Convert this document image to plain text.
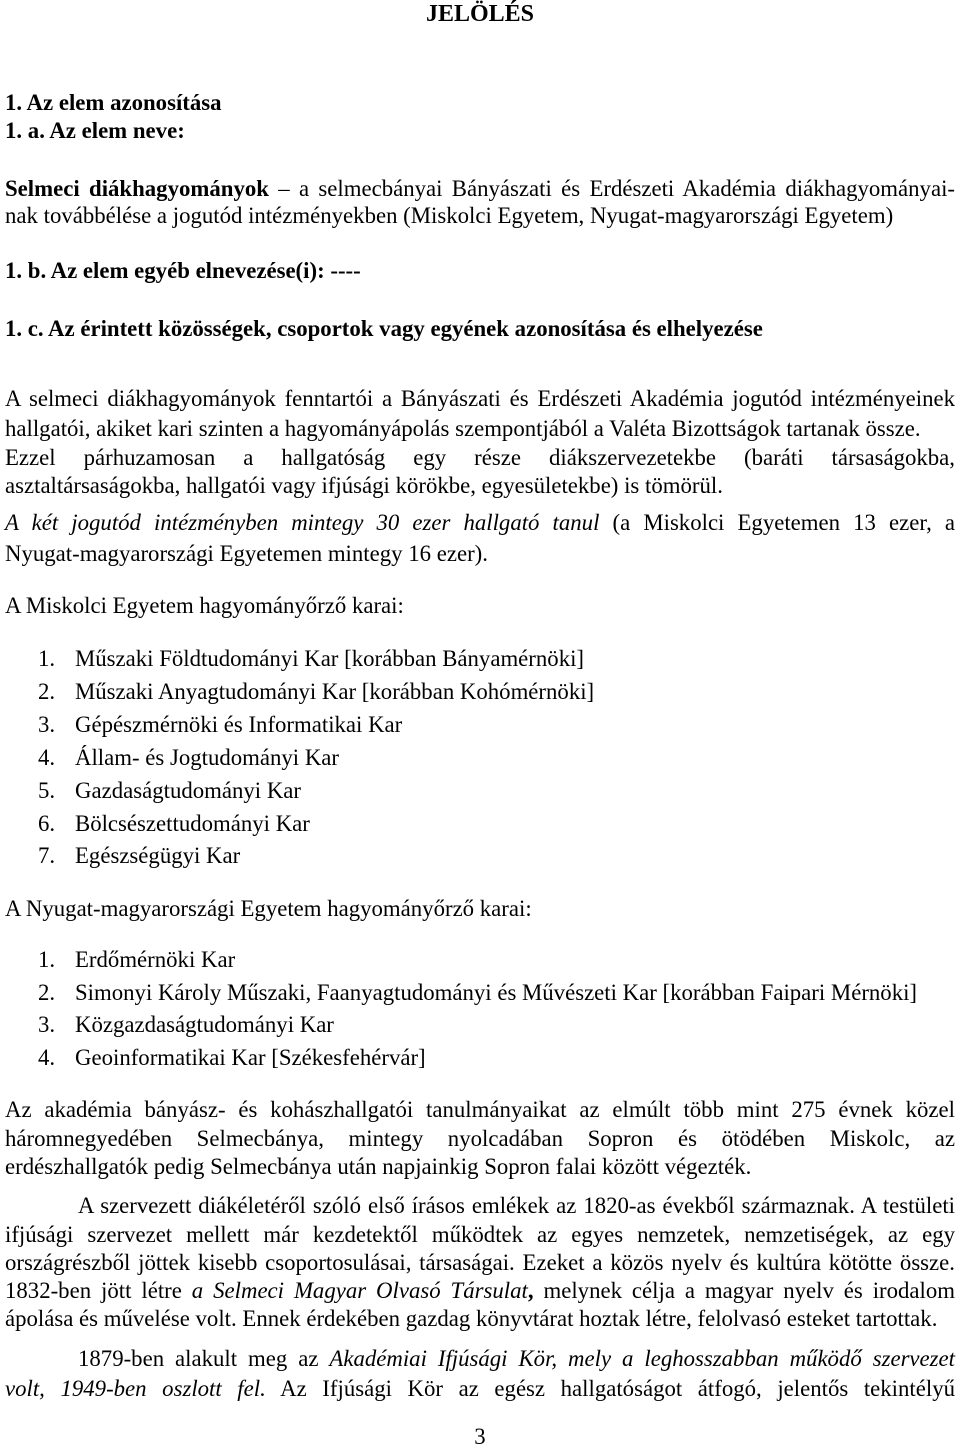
JELÖLÉS
1. Az elem azonosítása
1. a. Az elem neve:
Selmeci diákhagyományok – a selmecbányai Bányászati és Erdészeti Akadémia diákhagyományai-
nak továbbélése a jogutód intézményekben (Miskolci Egyetem, Nyugat-magyarországi Egyetem)
1. b. Az elem egyéb elnevezése(i): ----
1. c. Az érintett közösségek, csoportok vagy egyének azonosítása és elhelyezése
A selmeci diákhagyományok fenntartói a Bányászati és Erdészeti Akadémia jogutód intézményeinek
hallgatói, akiket kari szinten a hagyományápolás szempontjából a Valéta Bizottságok tartanak össze.
Ezzel párhuzamosan a hallgatóság egy része diákszervezetekbe (baráti társaságokba,
asztaltársaságokba, hallgatói vagy ifjúsági körökbe, egyesületekbe) is tömörül.
A két jogutód intézményben mintegy 30 ezer hallgató tanul (a Miskolci Egyetemen 13 ezer, a
Nyugat-magyarországi Egyetemen mintegy 16 ezer).
A Miskolci Egyetem hagyományőrző karai:
1. Műszaki Földtudományi Kar [korábban Bányamérnöki]
2. Műszaki Anyagtudományi Kar [korábban Kohómérnöki]
3. Gépészmérnöki és Informatikai Kar
4. Állam- és Jogtudományi Kar
5. Gazdaságtudományi Kar
6. Bölcsészettudományi Kar
7. Egészségügyi Kar
A Nyugat-magyarországi Egyetem hagyományőrző karai:
1. Erdőmérnöki Kar
2. Simonyi Károly Műszaki, Faanyagtudományi és Művészeti Kar [korábban Faipari Mérnöki]
3. Közgazdaságtudományi Kar
4. Geoinformatikai Kar [Székesfehérvár]
Az akadémia bányász- és kohászhallgatói tanulmányaikat az elmúlt több mint 275 évnek közel
háromnegyedében Selmecbánya, mintegy nyolcadában Sopron és ötödében Miskolc, az
erdészhallgatók pedig Selmecbánya után napjainkig Sopron falai között végezték.
A szervezett diákéletéről szóló első írásos emlékek az 1820-as évekből származnak. A testületi
ifjúsági szervezet mellett már kezdetektől működtek az egyes nemzetek, nemzetiségek, az egy
országrészből jöttek kisebb csoportosulásai, társaságai. Ezeket a közös nyelv és kultúra kötötte össze.
1832-ben jött létre a Selmeci Magyar Olvasó Társulat, melynek célja a magyar nyelv és irodalom
ápolása és művelése volt. Ennek érdekében gazdag könyvtárat hoztak létre, felolvasó esteket tartottak.
1879-ben alakult meg az Akadémiai Ifjúsági Kör, mely a leghosszabban működő szervezet
volt, 1949-ben oszlott fel. Az Ifjúsági Kör az egész hallgatóságot átfogó, jelentős tekintélyű
3
